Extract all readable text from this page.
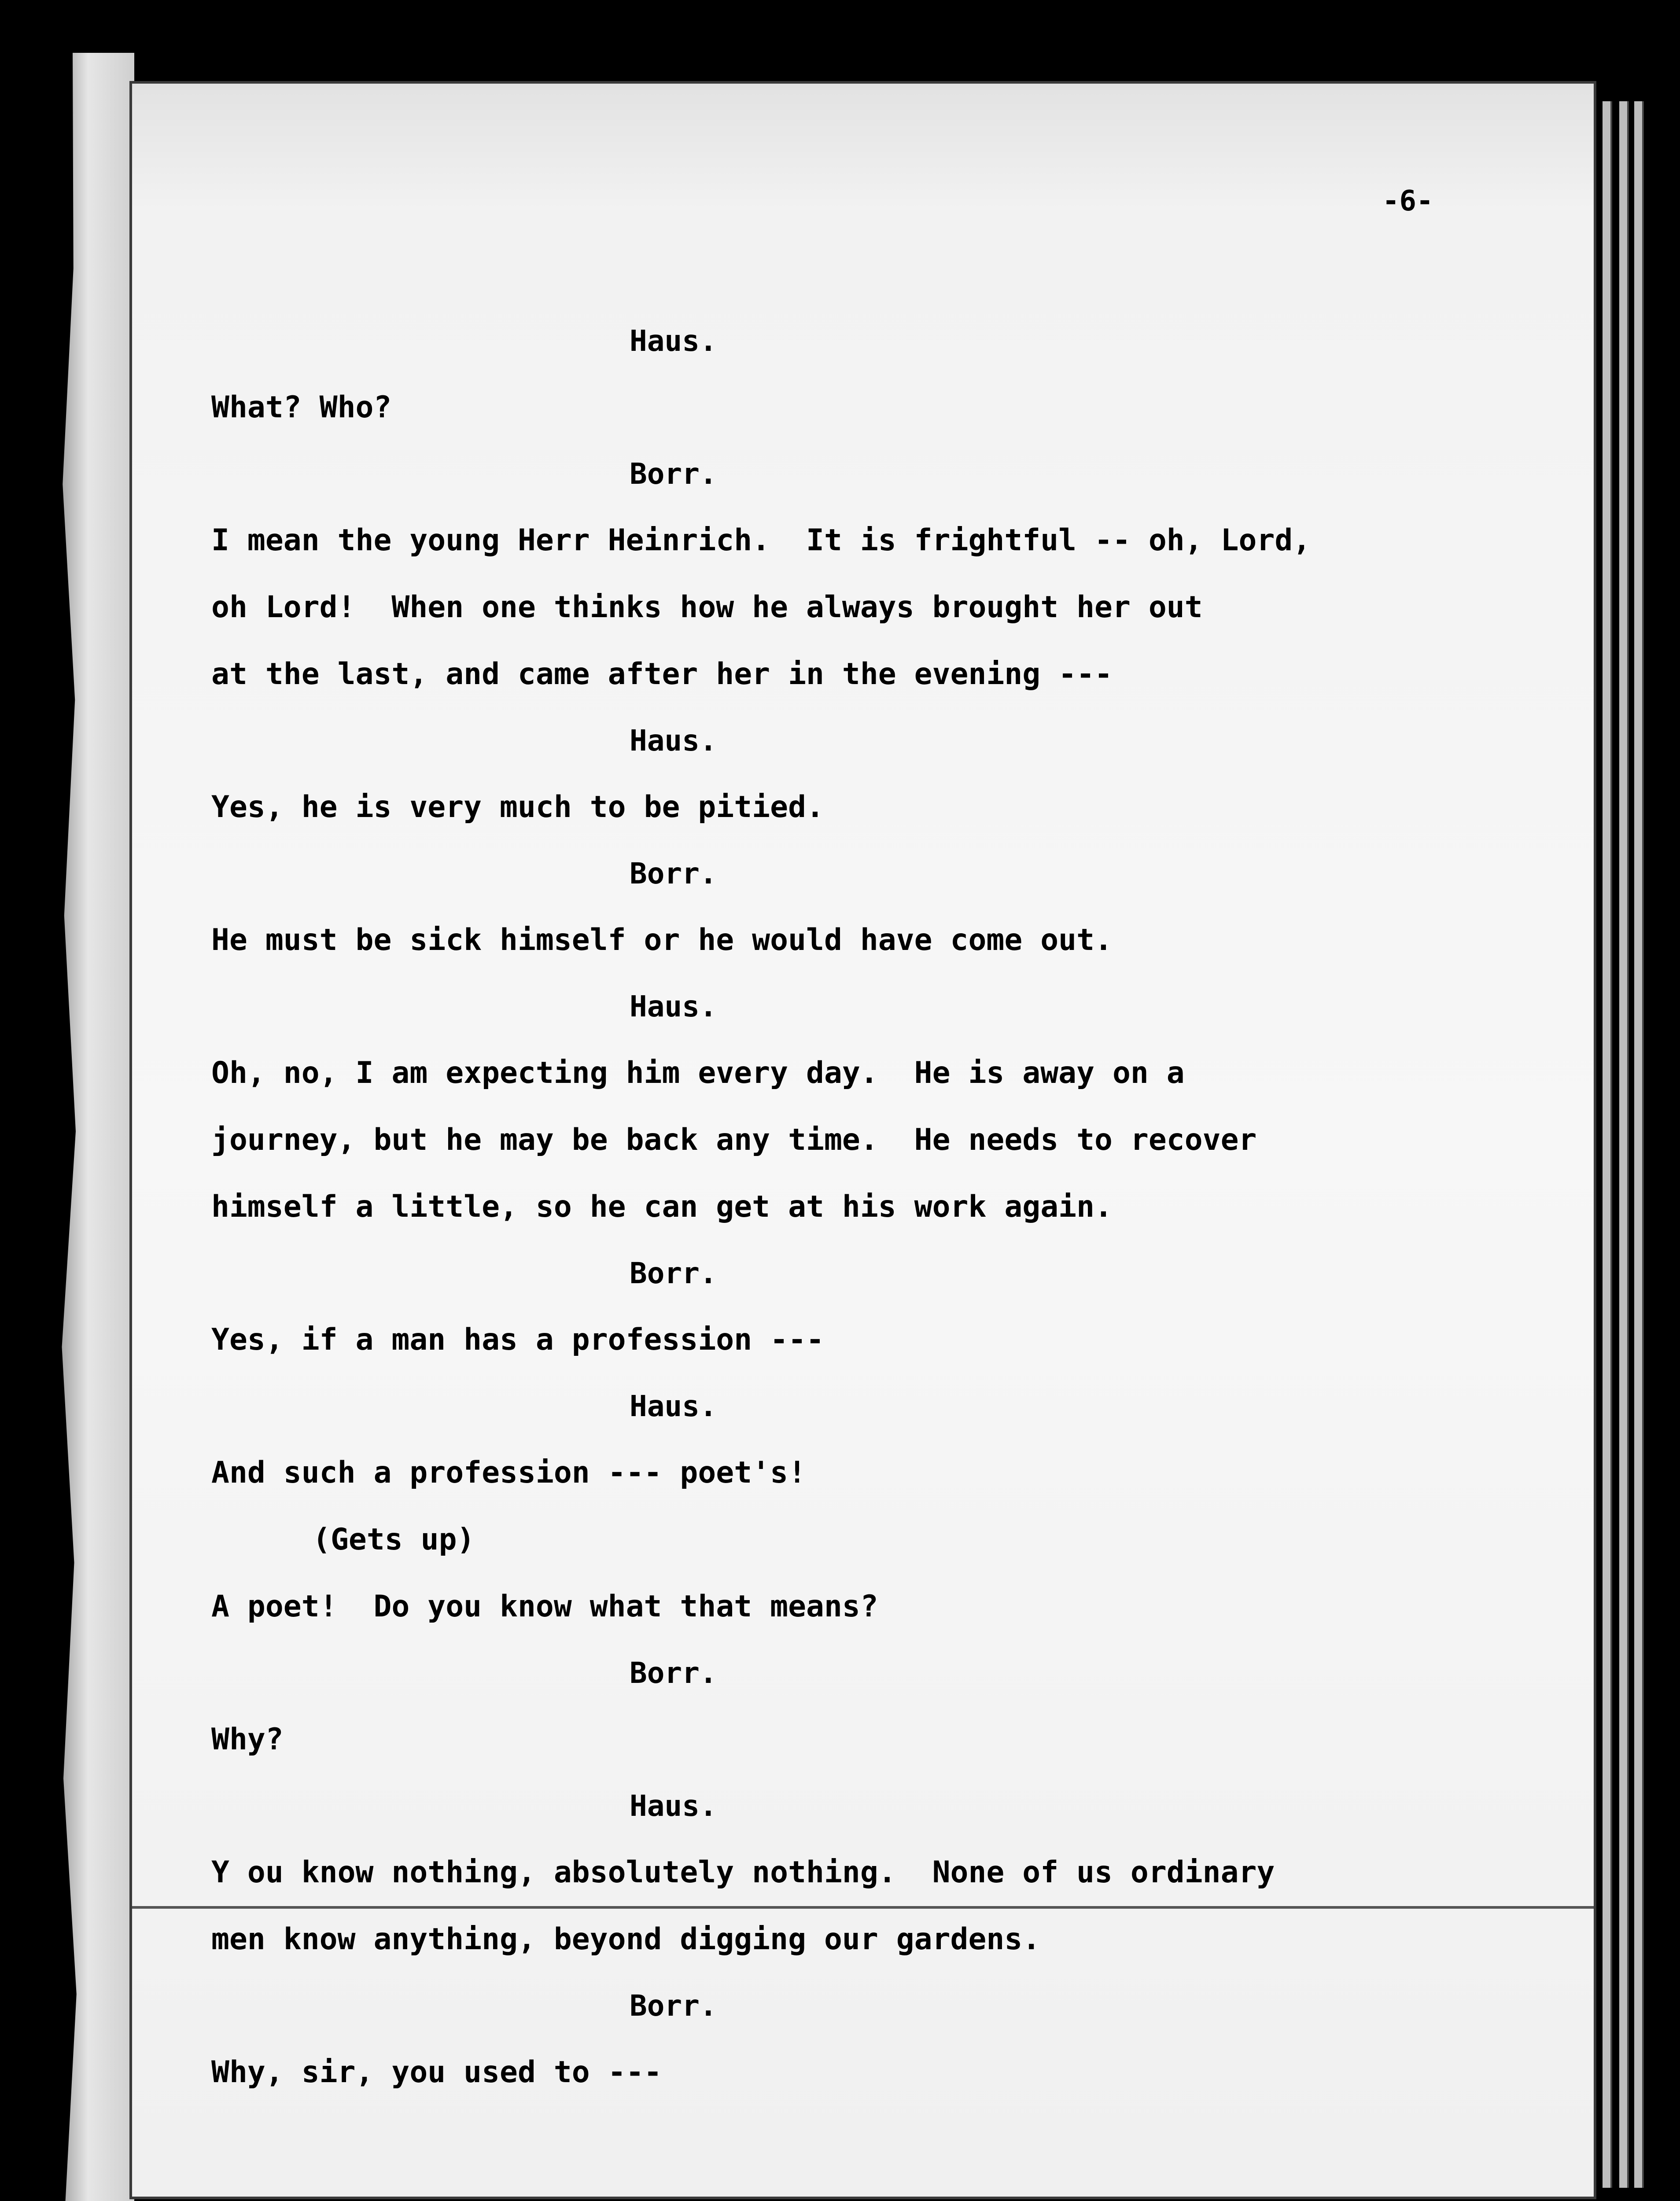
-6-
Haus.
What? Who?
Borr.
I mean the young Herr Heinrich.  It is frightful -- oh, Lord,
oh Lord!  When one thinks how he always brought her out
at the last, and came after her in the evening ---
Haus.
Yes, he is very much to be pitied.
Borr.
He must be sick himself or he would have come out.
Haus.
Oh, no, I am expecting him every day.  He is away on a
journey, but he may be back any time.  He needs to recover
himself a little, so he can get at his work again.
Borr.
Yes, if a man has a profession ---
Haus.
And such a profession --- poet's!
(Gets up)
A poet!  Do you know what that means?
Borr.
Why?
Haus.
Y ou know nothing, absolutely nothing.  None of us ordinary
men know anything, beyond digging our gardens.
Borr.
Why, sir, you used to ---
